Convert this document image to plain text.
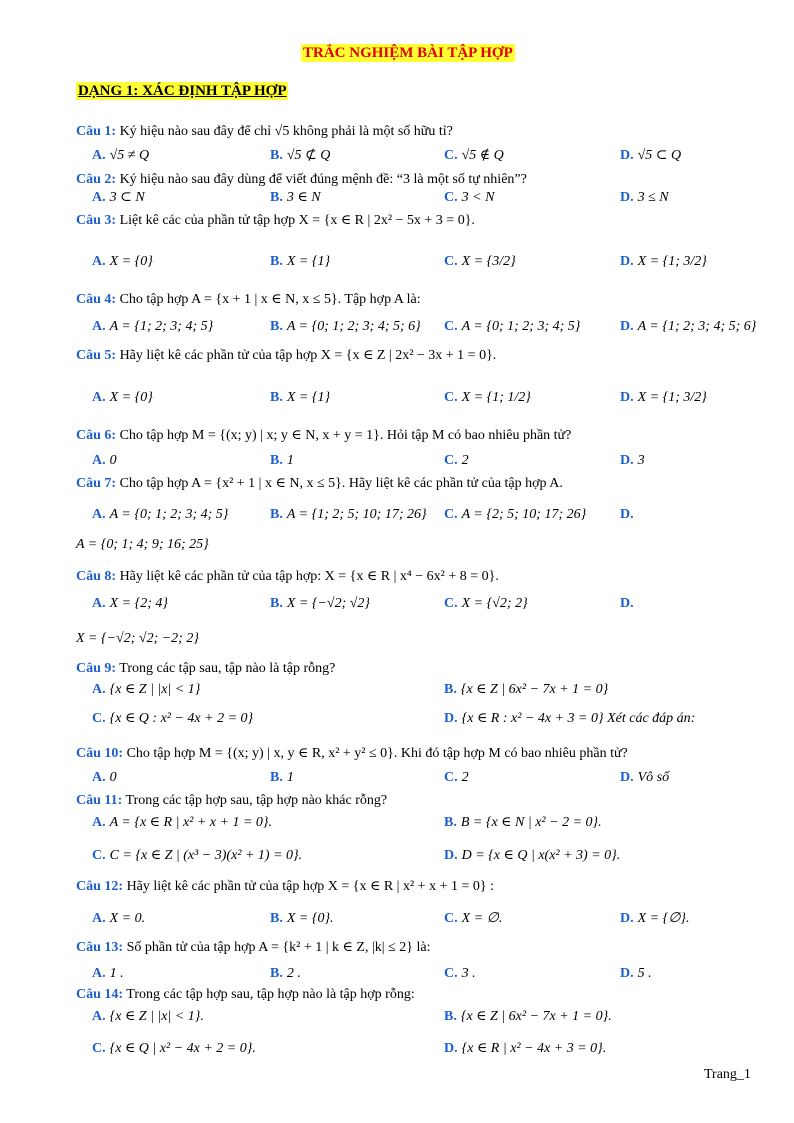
TRẮC NGHIỆM BÀI TẬP HỢP
DẠNG 1: XÁC ĐỊNH TẬP HỢP
Câu 1: Ký hiệu nào sau đây để chỉ √5 không phải là một số hữu tỉ?
A. √5 ≠ Q	B. √5 ⊄ Q	C. √5 ∉ Q	D. √5 ⊂ Q
Câu 2: Ký hiệu nào sau đây dùng để viết đúng mệnh đề: “3 là một số tự nhiên”?
A. 3 ⊂ N	B. 3 ∈ N	C. 3 < N	D. 3 ≤ N
Câu 3: Liệt kê các của phần tử tập hợp X = {x ∈ R | 2x² − 5x + 3 = 0}.
A. X = {0}	B. X = {1}	C. X = {3/2}	D. X = {1; 3/2}
Câu 4: Cho tập hợp A = {x + 1 | x ∈ N, x ≤ 5}. Tập hợp A là:
A. A = {1; 2; 3; 4; 5}	B. A = {0; 1; 2; 3; 4; 5; 6} C. A = {0; 1; 2; 3; 4; 5}	D. A = {1; 2; 3; 4; 5; 6}
Câu 5: Hãy liệt kê các phần tử của tập hợp X = {x ∈ Z | 2x² − 3x + 1 = 0}.
A. X = {0}	B. X = {1}	C. X = {1; 1/2}	D. X = {1; 3/2}
Câu 6: Cho tập hợp M = {(x; y) | x; y ∈ N, x + y = 1}. Hỏi tập M có bao nhiêu phần tử?
A. 0	B. 1	C. 2	D. 3
Câu 7: Cho tập hợp A = {x² + 1 | x ∈ N, x ≤ 5}. Hãy liệt kê các phần tử của tập hợp A.
A. A = {0; 1; 2; 3; 4; 5}	B. A = {1; 2; 5; 10; 17; 26} C. A = {2; 5; 10; 17; 26} D.
A = {0; 1; 4; 9; 16; 25}
Câu 8: Hãy liệt kê các phần tử của tập hợp: X = {x ∈ R | x⁴ − 6x² + 8 = 0}.
A. X = {2; 4}	B. X = {−√2; √2}	C. X = {√2; 2}	D.
X = {−√2; √2; −2; 2}
Câu 9: Trong các tập sau, tập nào là tập rỗng?
A. {x ∈ Z | |x| < 1}	B. {x ∈ Z | 6x² − 7x + 1 = 0}
C. {x ∈ Q : x² − 4x + 2 = 0}	D. {x ∈ R : x² − 4x + 3 = 0} Xét các đáp án:
Câu 10: Cho tập hợp M = {(x; y) | x, y ∈ R, x² + y² ≤ 0}. Khi đó tập hợp M có bao nhiêu phần tử?
A. 0	B. 1	C. 2	D. Vô số
Câu 11: Trong các tập hợp sau, tập hợp nào khác rỗng?
A. A = {x ∈ R | x² + x + 1 = 0}.	B. B = {x ∈ N | x² − 2 = 0}.
C. C = {x ∈ Z | (x³ − 3)(x² + 1) = 0}.	D. D = {x ∈ Q | x(x² + 3) = 0}.
Câu 12: Hãy liệt kê các phần tử của tập hợp X = {x ∈ R | x² + x + 1 = 0} :
A. X = 0.	B. X = {0}.	C. X = ∅.	D. X = {∅}.
Câu 13: Số phần tử của tập hợp A = {k² + 1 | k ∈ Z, |k| ≤ 2} là:
A. 1 .	B. 2 .	C. 3 .	D. 5 .
Câu 14: Trong các tập hợp sau, tập hợp nào là tập hợp rỗng:
A. {x ∈ Z | |x| < 1}.	B. {x ∈ Z | 6x² − 7x + 1 = 0}.
C. {x ∈ Q | x² − 4x + 2 = 0}.	D. {x ∈ R | x² − 4x + 3 = 0}.
Trang_1
